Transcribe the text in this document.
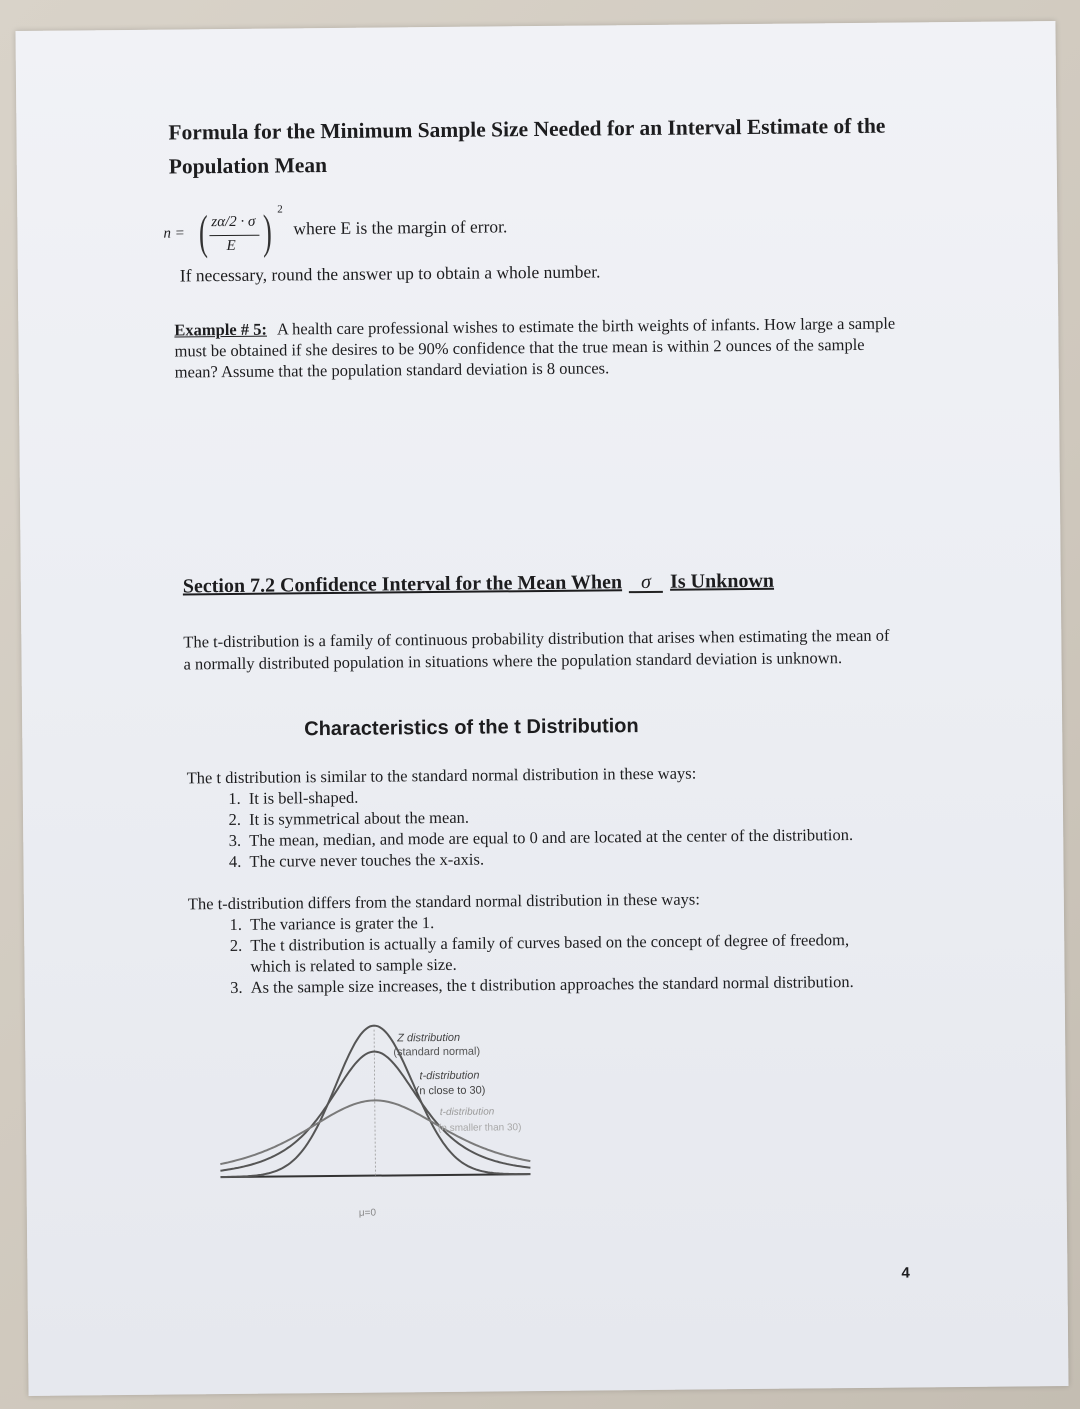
Formula for the Minimum Sample Size Needed for an Interval Estimate of the Population Mean
n = ( zα/2 · σ
E ) 2
where E is the margin of error.
If necessary, round the answer up to obtain a whole number.
Example # 5: A health care professional wishes to estimate the birth weights of infants. How large a sample must be obtained if she desires to be 90% confidence that the true mean is within 2 ounces of the sample mean? Assume that the population standard deviation is 8 ounces.
Section 7.2 Confidence Interval for the Mean When σ Is Unknown
The t-distribution is a family of continuous probability distribution that arises when estimating the mean of a normally distributed population in situations where the population standard deviation is unknown.
Characteristics of the t Distribution

The t distribution is similar to the standard normal distribution in these ways:

1. It is bell-shaped.
2. It is symmetrical about the mean.
3. The mean, median, and mode are equal to 0 and are located at the center of the distribution.
4. The curve never touches the x-axis.

The t-distribution differs from the standard normal distribution in these ways:

1. The variance is grater the 1.
2. The t distribution is actually a family of curves based on the concept of degree of freedom, which is related to sample size.
3. As the sample size increases, the t distribution approaches the standard normal distribution.
Z distribution
(standard normal)
t-distribution
(n close to 30)
t-distribution
(n smaller than 30)
μ=0
4
